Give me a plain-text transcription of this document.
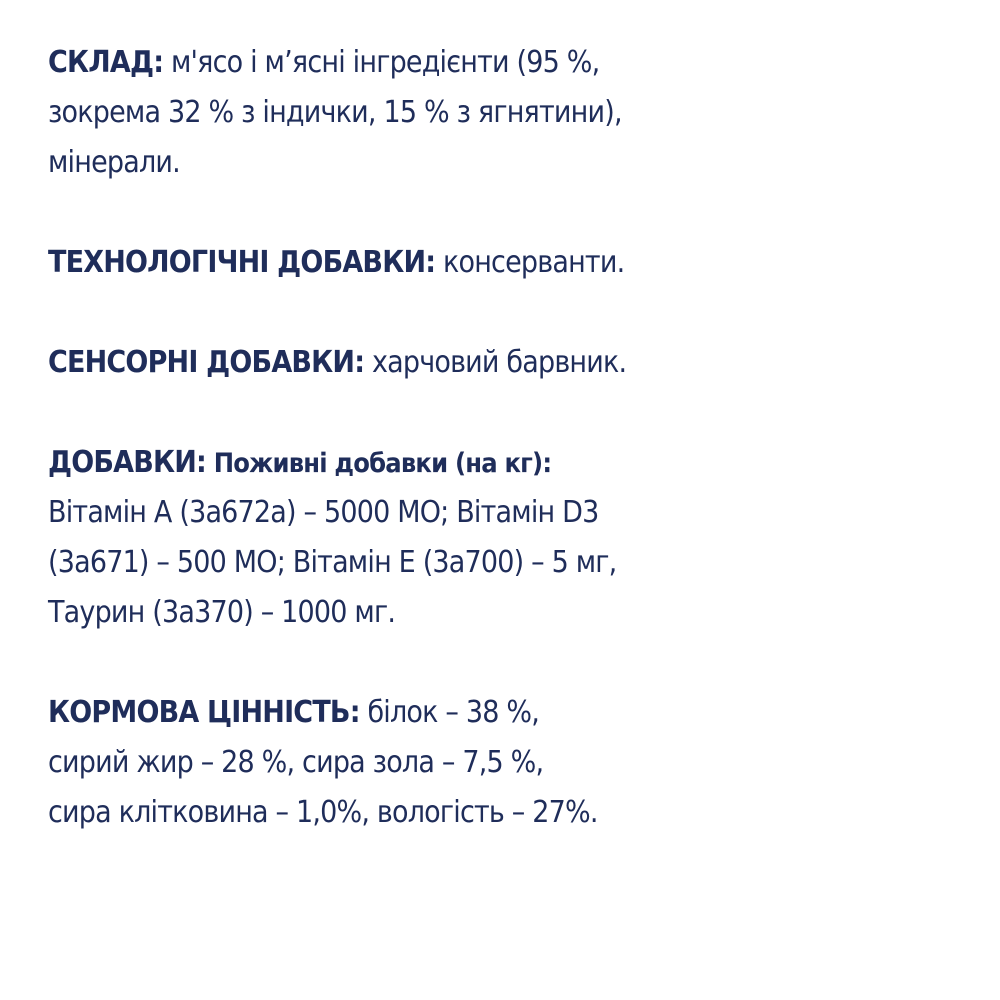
СКЛАД: м'ясо і м’ясні інгредієнти (95 %,
зокрема 32 % з індички, 15 % з ягнятини),
мінерали.
ТЕХНОЛОГІЧНІ ДОБАВКИ: консерванти.
СЕНСОРНІ ДОБАВКИ: харчовий барвник.
ДОБАВКИ: Поживні добавки (на кг):
Вітамін А (3а672а) – 5000 МО; Вітамін D3
(3а671) – 500 МО; Вітамін Е (3а700) – 5 мг,
Таурин (3а370) – 1000 мг.
КОРМОВА ЦІННІСТЬ: білок – 38 %,
сирий жир – 28 %, сира зола – 7,5 %,
сира клітковина – 1,0%, вологість – 27%.
